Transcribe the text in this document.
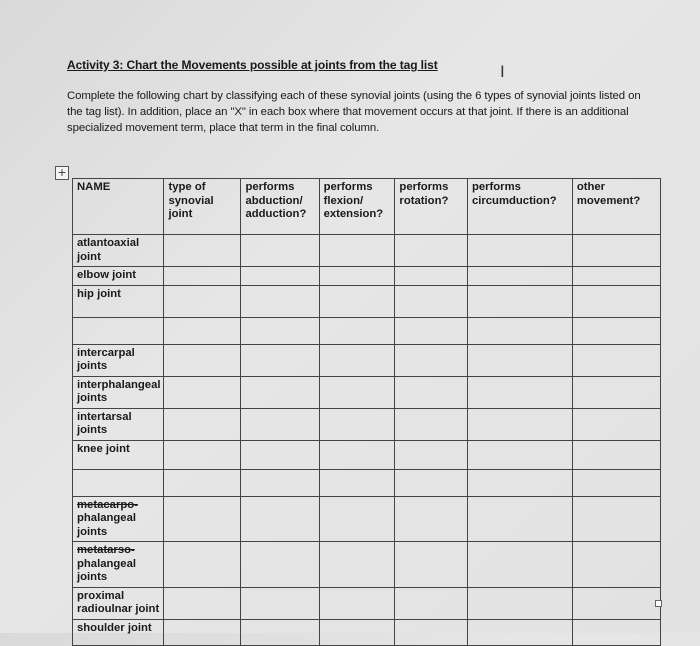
Activity 3: Chart the Movements possible at joints from the tag list	I
Complete the following chart by classifying each of these synovial joints (using the 6 types of synovial joints listed on the tag list). In addition, place an "X" in each box where that movement occurs at that joint. If there is an additional specialized movement term, place that term in the final column.
+
NAME	type of synovial joint	performs abduction/ adduction?	performs flexion/ extension?	performs rotation?	performs circumduction?	other movement?
atlantoaxial joint						
elbow joint						
hip joint						

intercarpal joints						
interphalangeal joints						
intertarsal joints						
knee joint						

metacarpo-
phalangeal joints						
metatarso-
phalangeal joints						
proximal radioulnar joint						
shoulder joint						
